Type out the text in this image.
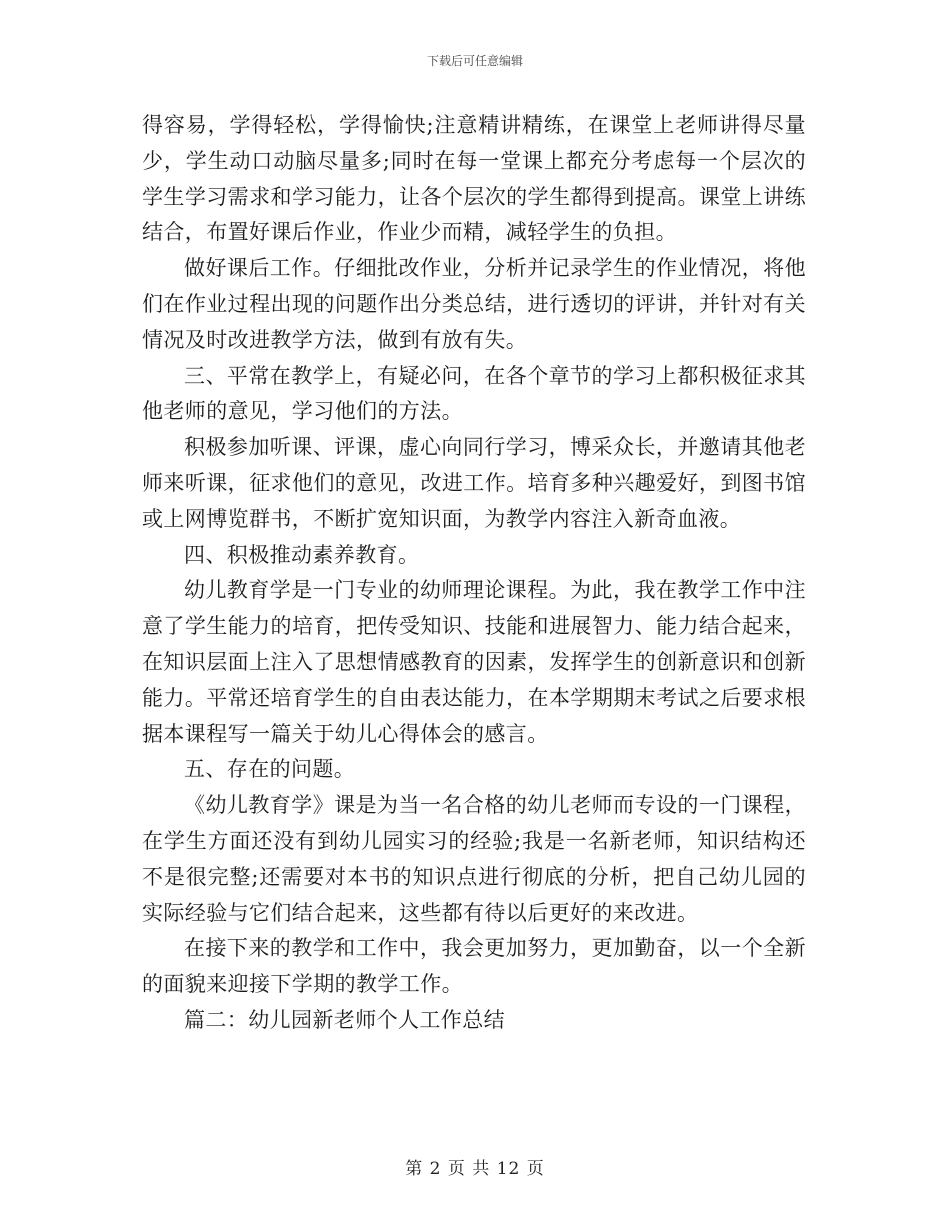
下载后可任意编辑

得容易，学得轻松，学得愉快;注意精讲精练，在课堂上老师讲得尽量少，学生动口动脑尽量多;同时在每一堂课上都充分考虑每一个层次的学生学习需求和学习能力，让各个层次的学生都得到提高。课堂上讲练结合，布置好课后作业，作业少而精，减轻学生的负担。

做好课后工作。仔细批改作业，分析并记录学生的作业情况，将他们在作业过程出现的问题作出分类总结，进行透切的评讲，并针对有关情况及时改进教学方法，做到有放有失。

三、平常在教学上，有疑必问，在各个章节的学习上都积极征求其他老师的意见，学习他们的方法。

积极参加听课、评课，虚心向同行学习，博采众长，并邀请其他老师来听课，征求他们的意见，改进工作。培育多种兴趣爱好，到图书馆或上网博览群书，不断扩宽知识面，为教学内容注入新奇血液。

四、积极推动素养教育。

幼儿教育学是一门专业的幼师理论课程。为此，我在教学工作中注意了学生能力的培育，把传受知识、技能和进展智力、能力结合起来，在知识层面上注入了思想情感教育的因素，发挥学生的创新意识和创新能力。平常还培育学生的自由表达能力，在本学期期末考试之后要求根据本课程写一篇关于幼儿心得体会的感言。

五、存在的问题。

《幼儿教育学》课是为当一名合格的幼儿老师而专设的一门课程，在学生方面还没有到幼儿园实习的经验;我是一名新老师，知识结构还不是很完整;还需要对本书的知识点进行彻底的分析，把自己幼儿园的实际经验与它们结合起来，这些都有待以后更好的来改进。

在接下来的教学和工作中，我会更加努力，更加勤奋，以一个全新的面貌来迎接下学期的教学工作。

篇二：幼儿园新老师个人工作总结

第 2 页 共 12 页
